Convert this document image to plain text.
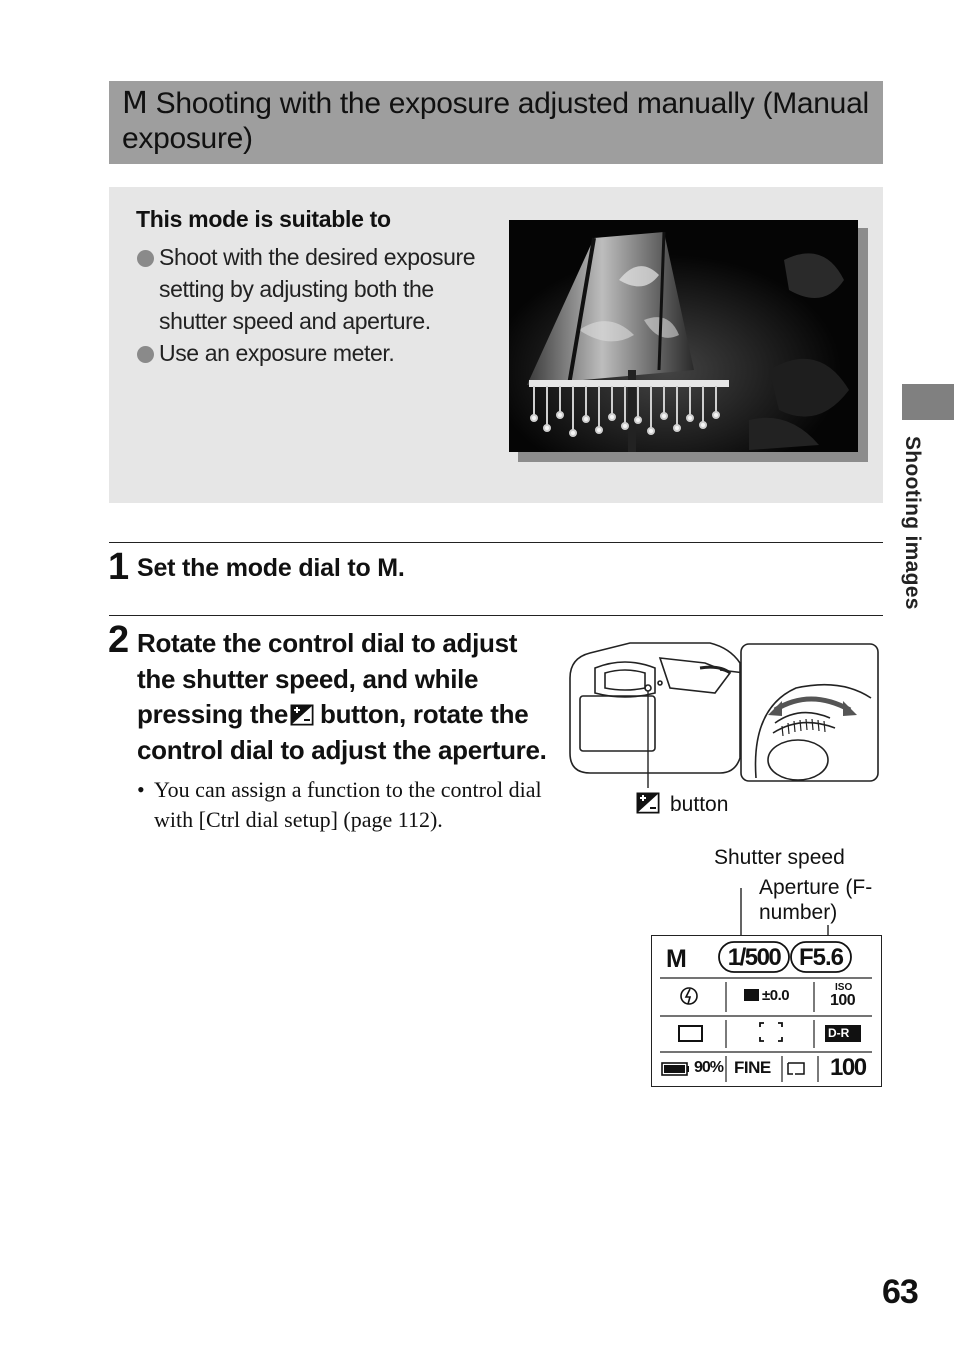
M Shooting with the exposure adjusted manually (Manual exposure)
This mode is suitable to
Shoot with the desired exposure setting by adjusting both the shutter speed and aperture.
Use an exposure meter.
Shooting images
1 Set the mode dial to M.
2 Rotate the control dial to adjust the shutter speed, and while pressing the button, rotate the control dial to adjust the aperture.
• You can assign a function to the control dial with [Ctrl dial setup] (page 112).
button
Shutter speed
Aperture (F-number)
M 1/500 F5.6
±0.0	ISO
100
D-R
90% FINE 100
63
